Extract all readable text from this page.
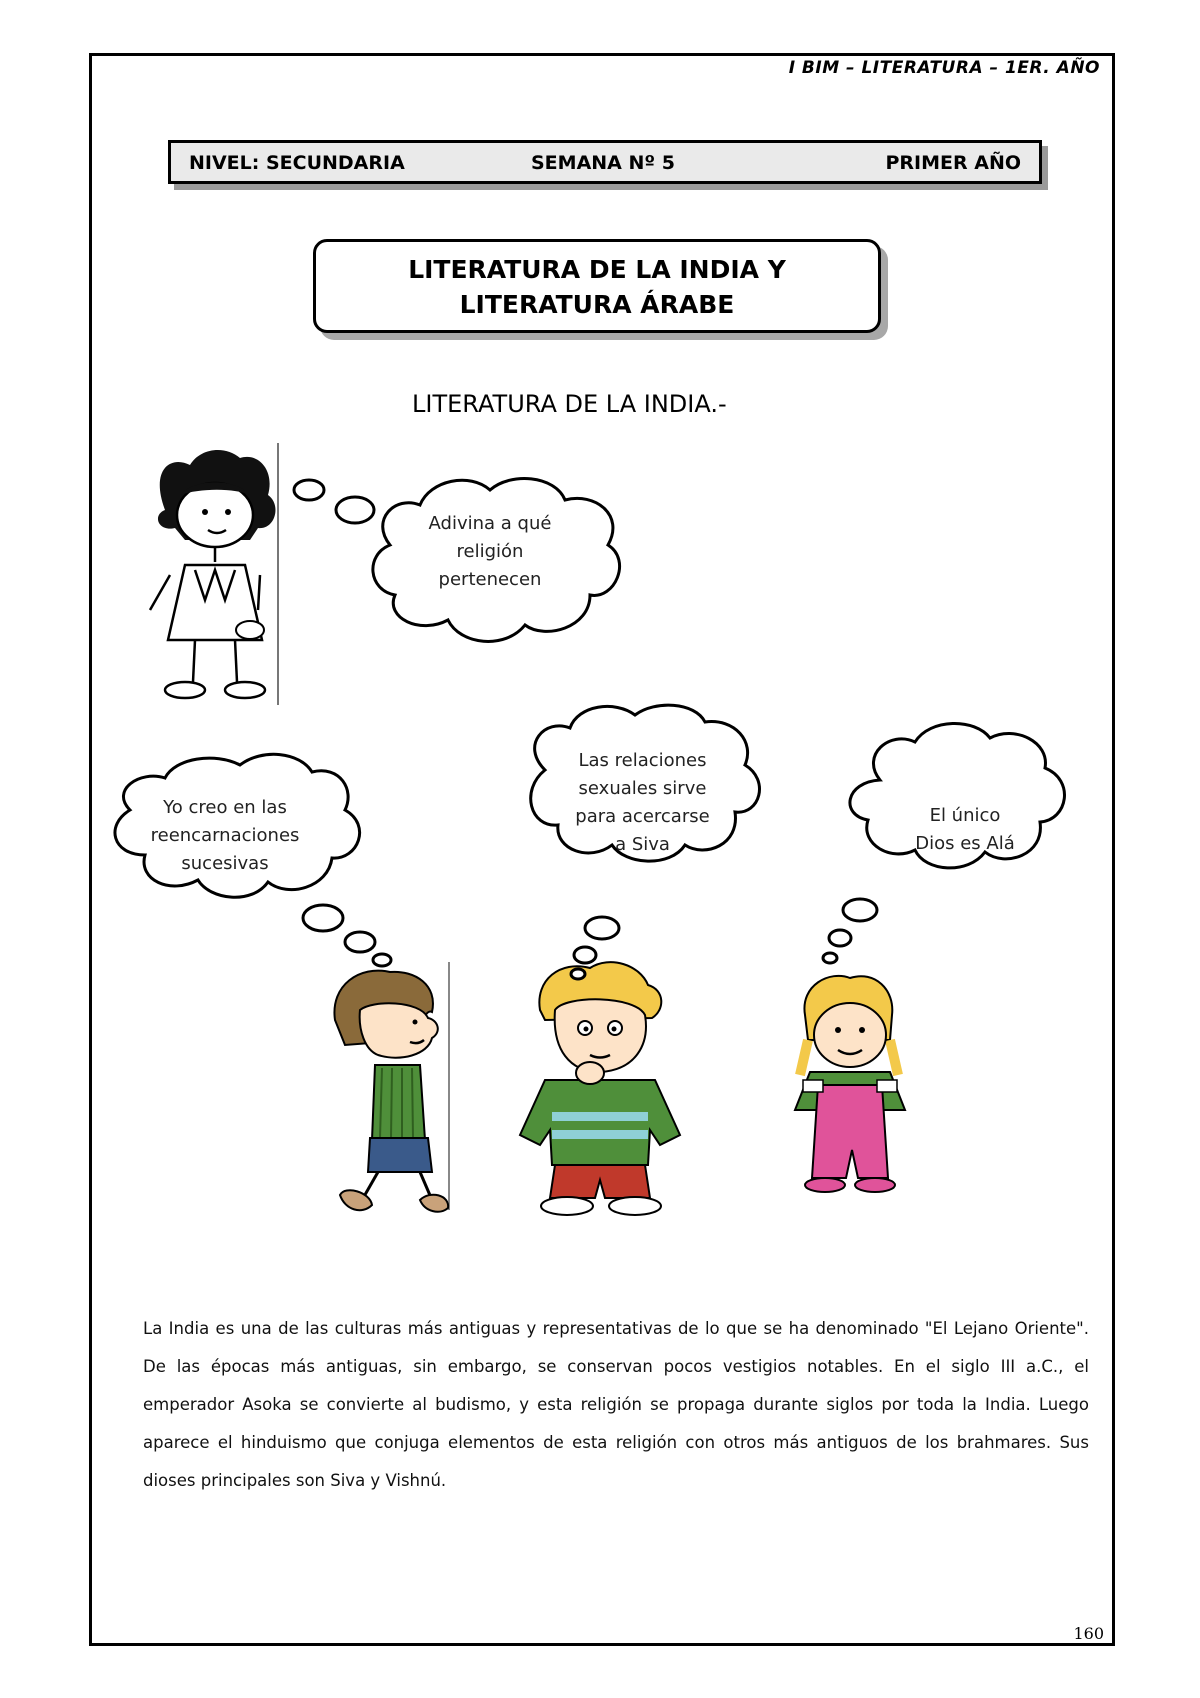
I BIM – LITERATURA – 1ER. AÑO
NIVEL: SECUNDARIA	SEMANA Nº 5	PRIMER AÑO
LITERATURA DE LA INDIA Y
LITERATURA ÁRABE
LITERATURA DE LA INDIA.-
Adivina a qué
religión
pertenecen
Yo creo en las
reencarnaciones
sucesivas
Las relaciones
sexuales sirve
para acercarse
a Siva
El único
Dios es Alá
La India es una de las culturas más antiguas y representativas de lo que se ha denominado "El Lejano Oriente". De las épocas más antiguas, sin embargo, se conservan pocos vestigios notables. En el siglo III a.C., el emperador Asoka se convierte al budismo, y esta religión se propaga durante siglos por toda la India. Luego aparece el hinduismo que conjuga elementos de esta religión con otros más antiguos de los brahmares. Sus dioses principales son Siva y Vishnú.
160
